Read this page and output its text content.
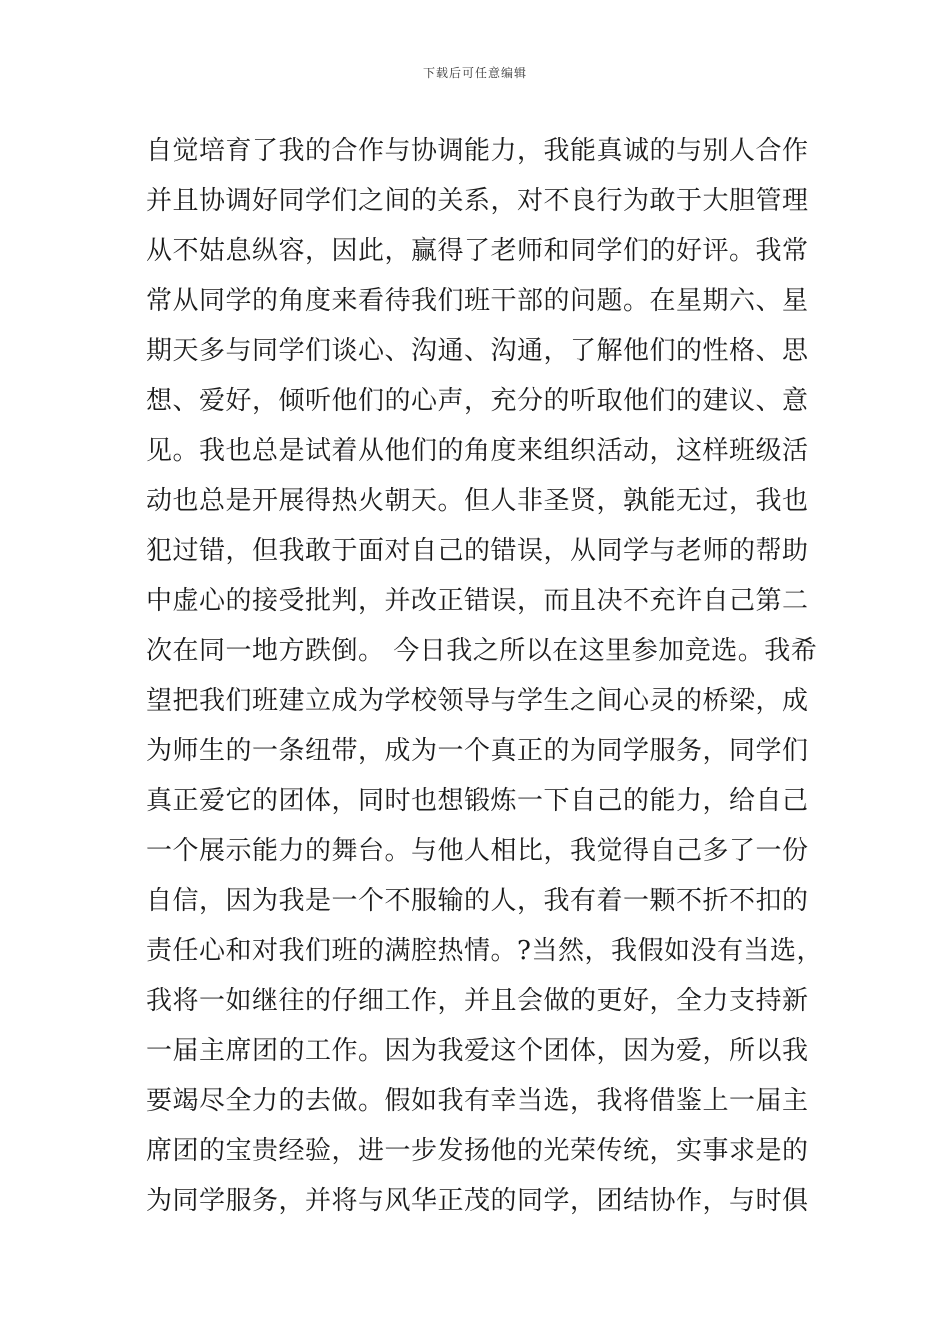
下载后可任意编辑
自觉培育了我的合作与协调能力，我能真诚的与别人合作
并且协调好同学们之间的关系，对不良行为敢于大胆管理
从不姑息纵容，因此，赢得了老师和同学们的好评。我常
常从同学的角度来看待我们班干部的问题。在星期六、星
期天多与同学们谈心、沟通、沟通，了解他们的性格、思
想、爱好，倾听他们的心声，充分的听取他们的建议、意
见。我也总是试着从他们的角度来组织活动，这样班级活
动也总是开展得热火朝天。但人非圣贤，孰能无过，我也
犯过错，但我敢于面对自己的错误，从同学与老师的帮助
中虚心的接受批判，并改正错误，而且决不充许自己第二
次在同一地方跌倒。 今日我之所以在这里参加竞选。我希
望把我们班建立成为学校领导与学生之间心灵的桥梁，成
为师生的一条纽带，成为一个真正的为同学服务，同学们
真正爱它的团体，同时也想锻炼一下自己的能力，给自己
一个展示能力的舞台。与他人相比，我觉得自己多了一份
自信，因为我是一个不服输的人，我有着一颗不折不扣的
责任心和对我们班的满腔热情。?当然，我假如没有当选，
我将一如继往的仔细工作，并且会做的更好，全力支持新
一届主席团的工作。因为我爱这个团体，因为爱，所以我
要竭尽全力的去做。假如我有幸当选，我将借鉴上一届主
席团的宝贵经验，进一步发扬他的光荣传统，实事求是的
为同学服务，并将与风华正茂的同学，团结协作，与时俱
